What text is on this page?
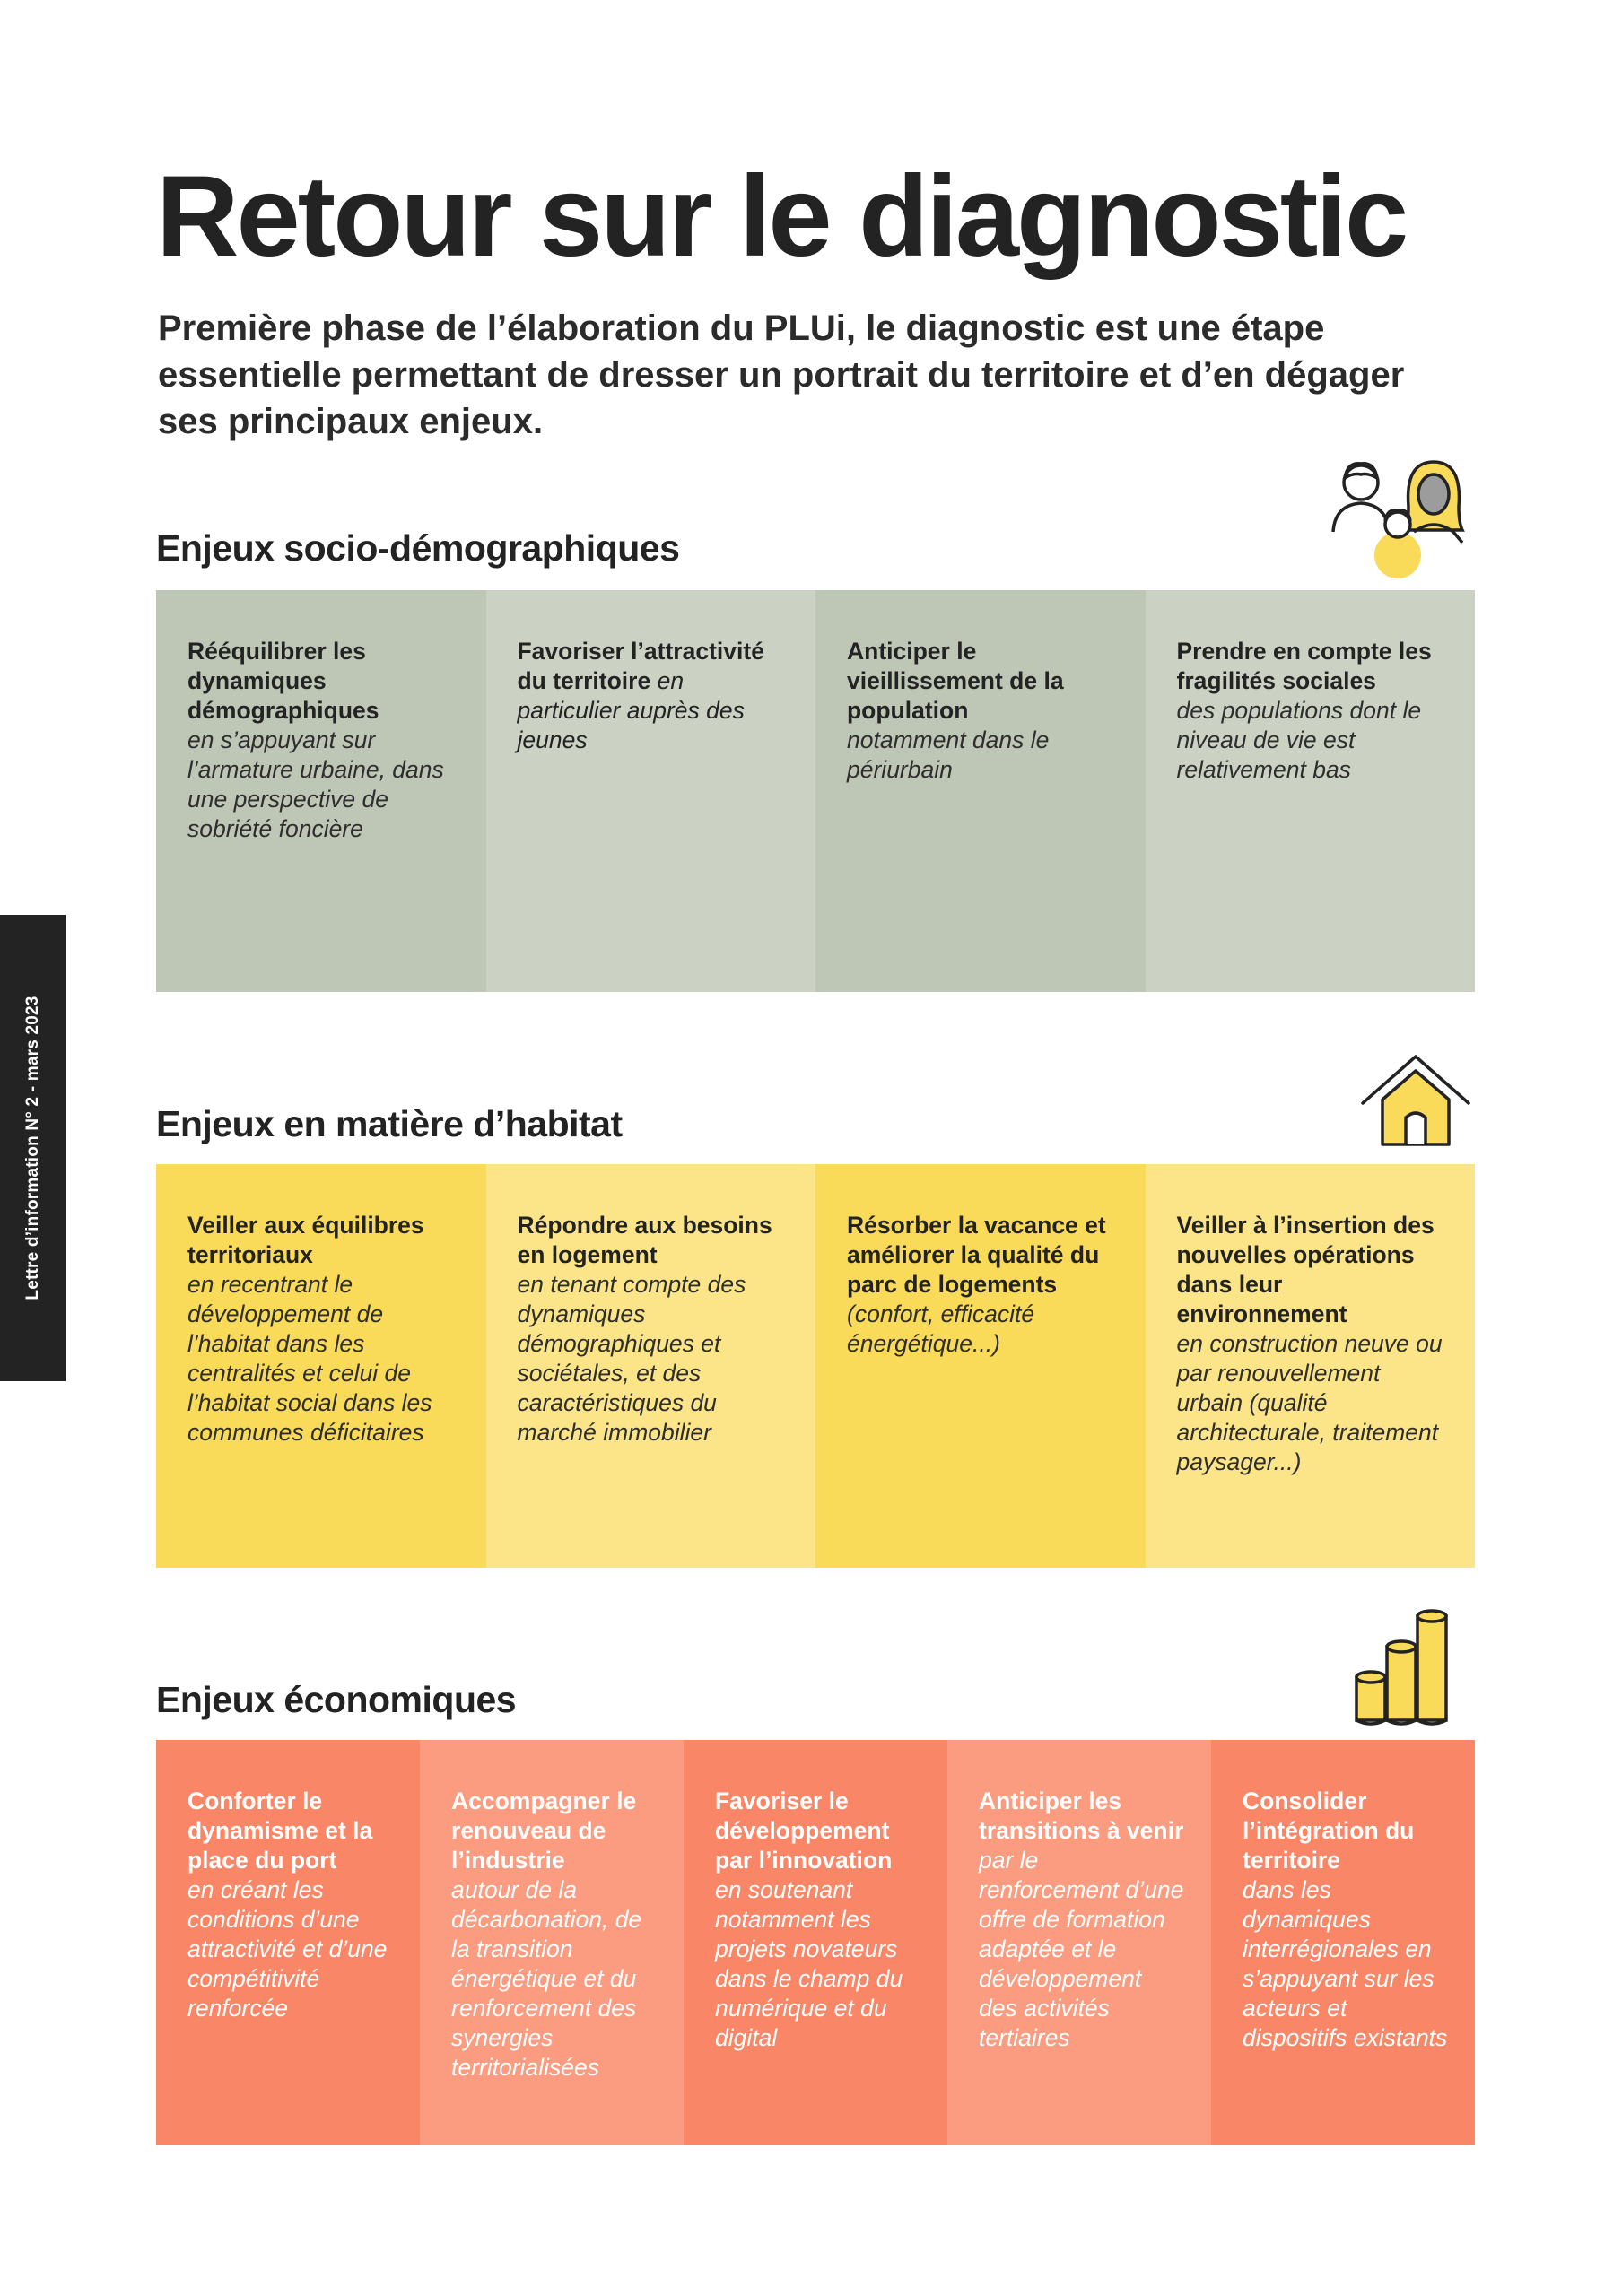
Lettre d’information N° 2 - mars 2023
Retour sur le diagnostic

Première phase de l’élaboration du PLUi, le diagnostic est une étape essentielle permettant de dresser un portrait du territoire et d’en dégager ses principaux enjeux.

Enjeux socio-démographiques
Rééquilibrer les dynamiques démographiques
en s’appuyant sur l’armature urbaine, dans une perspective de sobriété foncière
Favoriser l’attractivité du territoire en particulier auprès des jeunes
Anticiper le vieillissement de la population
notamment dans le périurbain
Prendre en compte les fragilités sociales
des populations dont le niveau de vie est relativement bas
Enjeux en matière d’habitat
Veiller aux équilibres territoriaux
en recentrant le développement de l’habitat dans les centralités et celui de l’habitat social dans les communes déficitaires
Répondre aux besoins en logement
en tenant compte des dynamiques démographiques et sociétales, et des caractéristiques du marché immobilier
Résorber la vacance et améliorer la qualité du parc de logements
(confort, efficacité énergétique...)
Veiller à l’insertion des nouvelles opérations dans leur environnement
en construction neuve ou par renouvellement urbain (qualité architecturale, traitement paysager...)
Enjeux économiques
Conforter le dynamisme et la place du port
en créant les conditions d’une attractivité et d’une compétitivité renforcée
Accompagner le renouveau de l’industrie
autour de la décarbonation, de la transition énergétique et du renforcement des synergies territorialisées
Favoriser le développement par l’innovation
en soutenant notamment les projets novateurs dans le champ du numérique et du digital
Anticiper les transitions à venir
par le renforcement d’une offre de formation adaptée et le développement des activités tertiaires
Consolider l’intégration du territoire
dans les dynamiques interrégionales en s’appuyant sur les acteurs et dispositifs existants
